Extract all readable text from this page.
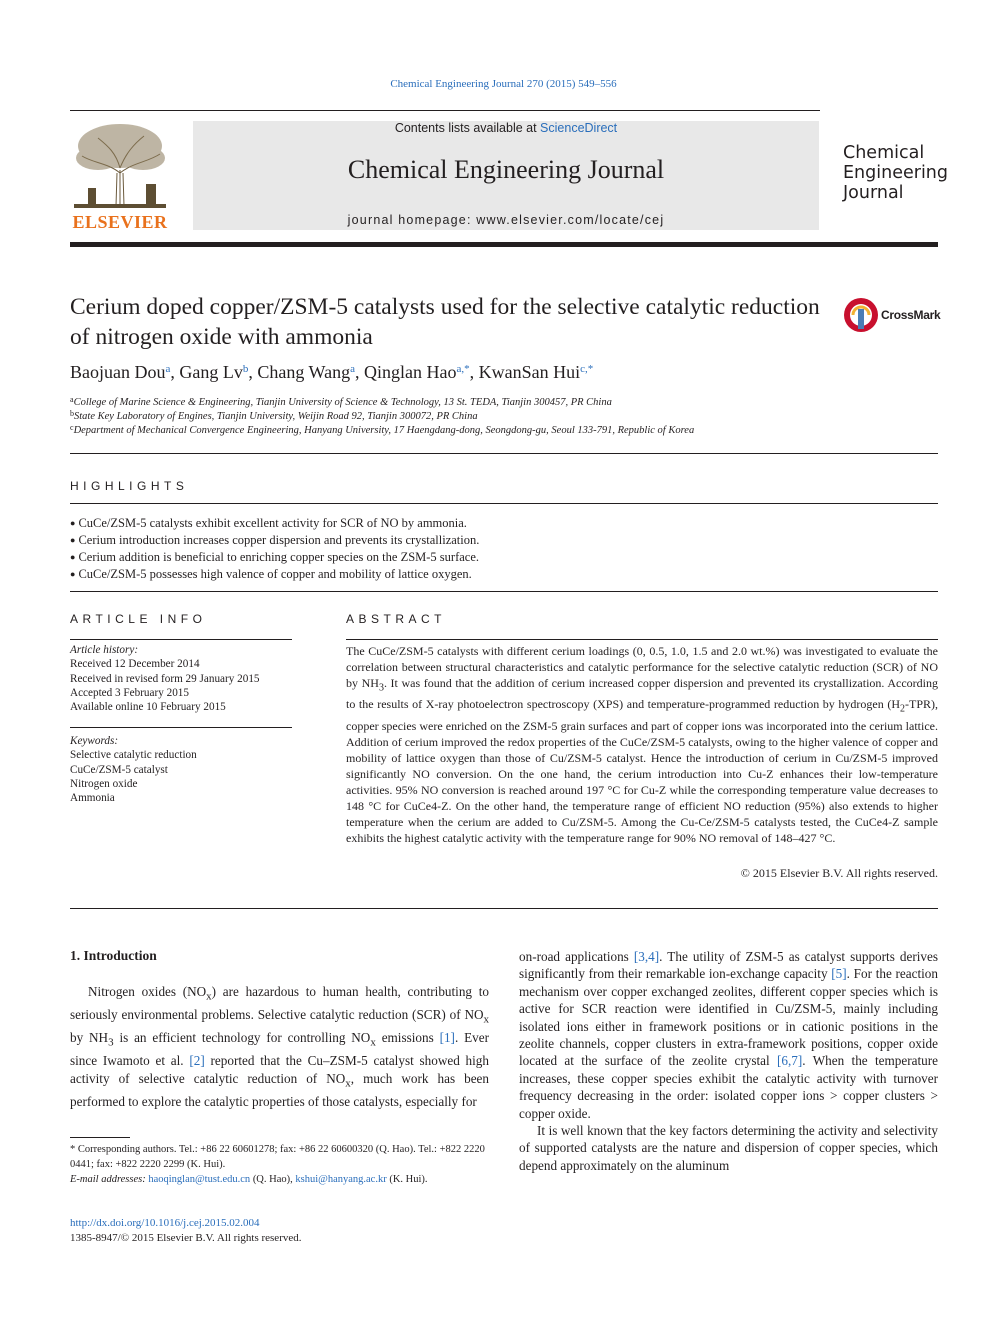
Chemical Engineering Journal 270 (2015) 549–556
ELSEVIER
Contents lists available at ScienceDirect
Chemical Engineering Journal
journal homepage: www.elsevier.com/locate/cej
Chemical
Engineering
Journal
Cerium doped copper/ZSM-5 catalysts used for the selective catalytic reduction of nitrogen oxide with ammonia
CrossMark
Baojuan Dou$^a$, Gang Lv$^b$, Chang Wang$^a$, Qinglan Hao$^{a,*}$, KwanSan Hui$^{c,*}$
$^a$College of Marine Science & Engineering, Tianjin University of Science & Technology, 13 St. TEDA, Tianjin 300457, PR China
$^b$State Key Laboratory of Engines, Tianjin University, Weijin Road 92, Tianjin 300072, PR China
$^c$Department of Mechanical Convergence Engineering, Hanyang University, 17 Haengdang-dong, Seongdong-gu, Seoul 133-791, Republic of Korea
HIGHLIGHTS
● CuCe/ZSM-5 catalysts exhibit excellent activity for SCR of NO by ammonia.
● Cerium introduction increases copper dispersion and prevents its crystallization.
● Cerium addition is beneficial to enriching copper species on the ZSM-5 surface.
● CuCe/ZSM-5 possesses high valence of copper and mobility of lattice oxygen.
ARTICLE INFO
Article history:
Received 12 December 2014
Received in revised form 29 January 2015
Accepted 3 February 2015
Available online 10 February 2015
Keywords:
Selective catalytic reduction
CuCe/ZSM-5 catalyst
Nitrogen oxide
Ammonia
ABSTRACT
The CuCe/ZSM-5 catalysts with different cerium loadings (0, 0.5, 1.0, 1.5 and 2.0 wt.%) was investigated to evaluate the correlation between structural characteristics and catalytic performance for the selective catalytic reduction (SCR) of NO by $NH_3$. It was found that the addition of cerium increased copper dispersion and prevented its crystallization. According to the results of X-ray photoelectron spectroscopy (XPS) and temperature-programmed reduction by hydrogen $(H_2-TPR)$, copper species were enriched on the ZSM-5 grain surfaces and part of copper ions was incorporated into the cerium lattice. Addition of cerium improved the redox properties of the CuCe/ZSM-5 catalysts, owing to the higher valence of copper and mobility of lattice oxygen than those of Cu/ZSM-5 catalyst. Hence the introduction of cerium in Cu/ZSM-5 improved significantly NO conversion. On the one hand, the cerium introduction into Cu-Z enhances their low-temperature activities. 95% NO conversion is reached around 197 °C for Cu-Z while the corresponding temperature value decreases to 148 °C for CuCe4-Z. On the other hand, the temperature range of efficient NO reduction (95%) also extends to higher temperature when the cerium are added to Cu/ZSM-5. Among the Cu-Ce/ZSM-5 catalysts tested, the CuCe4-Z sample exhibits the highest catalytic activity with the temperature range for 90% NO removal of 148–427 °C.
© 2015 Elsevier B.V. All rights reserved.
1. Introduction

Nitrogen oxides $(NO_x)$ are hazardous to human health, contributing to seriously environmental problems. Selective catalytic reduction (SCR) of $NO_x$ by $NH_3$ is an efficient technology for controlling $NO_x$ emissions [1]. Ever since Iwamoto et al. [2] reported that the Cu–ZSM-5 catalyst showed high activity of selective catalytic reduction of $NO_x$, much work has been performed to explore the catalytic properties of those catalysts, especially for

on-road applications [3,4]. The utility of ZSM-5 as catalyst supports derives significantly from their remarkable ion-exchange capacity [5]. For the reaction mechanism over copper exchanged zeolites, different copper species which is active for SCR reaction were identified in Cu/ZSM-5, mainly including isolated ions either in framework positions or in cationic positions in the zeolite channels, copper clusters in extra-framework positions, copper oxide located at the surface of the zeolite crystal [6,7]. When the temperature increases, these copper species exhibit the catalytic activity with turnover frequency decreasing in the order: isolated copper ions > copper clusters > copper oxide.

It is well known that the key factors determining the activity and selectivity of supported catalysts are the nature and dispersion of copper species, which depend approximately on the aluminum

* Corresponding authors. Tel.: +86 22 60601278; fax: +86 22 60600320 (Q. Hao). Tel.: +822 2220 0441; fax: +822 2220 2299 (K. Hui).
E-mail addresses: haoqinglan@tust.edu.cn (Q. Hao), kshui@hanyang.ac.kr (K. Hui).
http://dx.doi.org/10.1016/j.cej.2015.02.004
1385-8947/© 2015 Elsevier B.V. All rights reserved.
